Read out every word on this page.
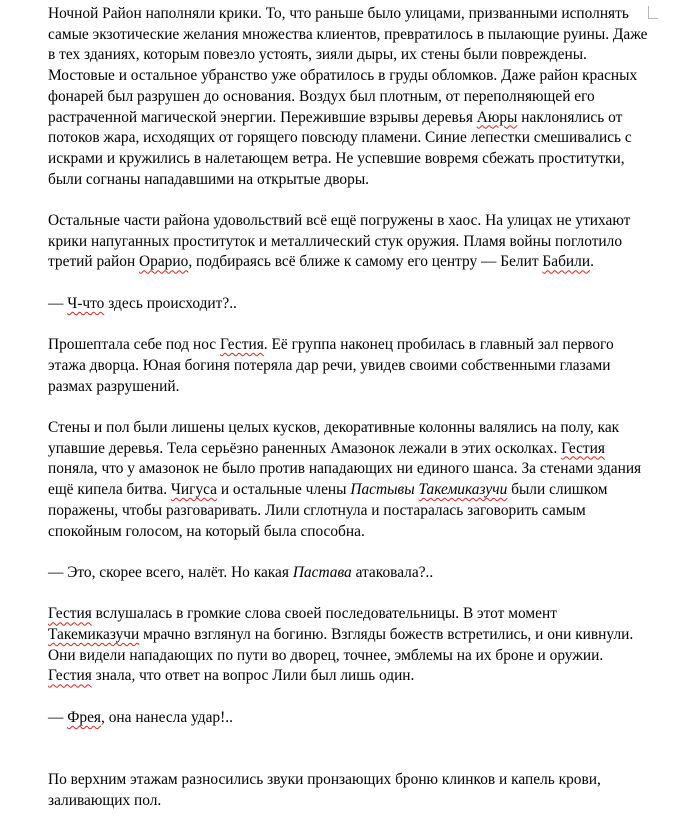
Ночной Район наполняли крики. То, что раньше было улицами, призванными исполнять самые экзотические желания множества клиентов, превратилось в пылающие руины. Даже в тех зданиях, которым повезло устоять, зияли дыры, их стены были повреждены. Мостовые и остальное убранство уже обратилось в груды обломков. Даже район красных фонарей был разрушен до основания. Воздух был плотным, от переполняющей его растраченной магической энергии. Пережившие взрывы деревья Аюры наклонялись от потоков жара, исходящих от горящего повсюду пламени. Синие лепестки смешивались с искрами и кружились в налетающем ветра. Не успевшие вовремя сбежать проститутки, были согнаны нападавшими на открытые дворы.

Остальные части района удовольствий всё ещё погружены в хаос. На улицах не утихают крики напуганных проституток и металлический стук оружия. Пламя войны поглотило третий район Орарио, подбираясь всё ближе к самому его центру — Белит Бабили.

— Ч-что здесь происходит?..

Прошептала себе под нос Гестия. Её группа наконец пробилась в главный зал первого этажа дворца. Юная богиня потеряла дар речи, увидев своими собственными глазами размах разрушений.

Стены и пол были лишены целых кусков, декоративные колонны валялись на полу, как упавшие деревья. Тела серьёзно раненных Амазонок лежали в этих осколках. Гестия поняла, что у амазонок не было против нападающих ни единого шанса. За стенами здания ещё кипела битва. Чигуса и остальные члены Пастывы Такемиказучи были слишком поражены, чтобы разговаривать. Лили сглотнула и постаралась заговорить самым спокойным голосом, на который была способна.

— Это, скорее всего, налёт. Но какая Пастава атаковала?..

Гестия вслушалась в громкие слова своей последовательницы. В этот момент Такемиказучи мрачно взглянул на богиню. Взгляды божеств встретились, и они кивнули. Они видели нападающих по пути во дворец, точнее, эмблемы на их броне и оружии. Гестия знала, что ответ на вопрос Лили был лишь один.

— Фрея, она нанесла удар!..

По верхним этажам разносились звуки пронзающих броню клинков и капель крови, заливающих пол.
